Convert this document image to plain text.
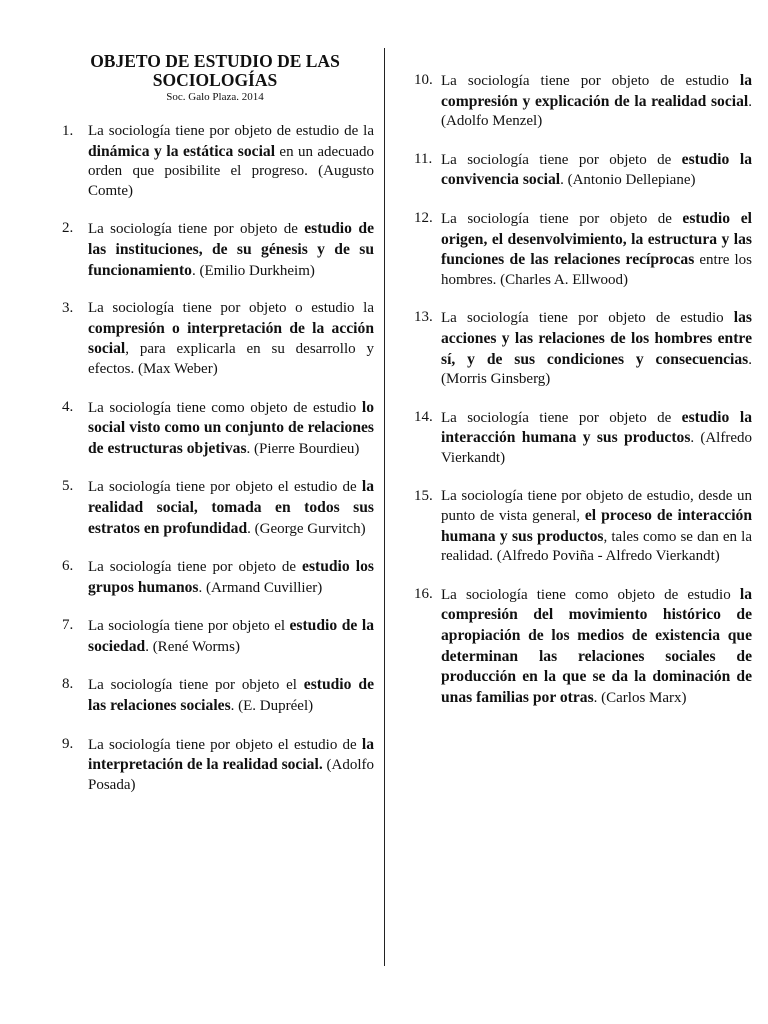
OBJETO DE ESTUDIO DE LAS
SOCIOLOGÍAS
Soc. Galo Plaza. 2014
1. La sociología tiene por objeto de estudio de la dinámica y la estática social en un adecuado orden que posibilite el progreso. (Augusto Comte)
2. La sociología tiene por objeto de estudio de las instituciones, de su génesis y de su funcionamiento. (Emilio Durkheim)
3. La sociología tiene por objeto o estudio la compresión o interpretación de la acción social, para explicarla en su desarrollo y efectos. (Max Weber)
4. La sociología tiene como objeto de estudio lo social visto como un conjunto de relaciones de estructuras objetivas. (Pierre Bourdieu)
5. La sociología tiene por objeto el estudio de la realidad social, tomada en todos sus estratos en profundidad. (George Gurvitch)
6. La sociología tiene por objeto de estudio los grupos humanos. (Armand Cuvillier)
7. La sociología tiene por objeto el estudio de la sociedad. (René Worms)
8. La sociología tiene por objeto el estudio de las relaciones sociales. (E. Dupréel)
9. La sociología tiene por objeto el estudio de la interpretación de la realidad social. (Adolfo Posada)
10. La sociología tiene por objeto de estudio la compresión y explicación de la realidad social. (Adolfo Menzel)
11. La sociología tiene por objeto de estudio la convivencia social. (Antonio Dellepiane)
12. La sociología tiene por objeto de estudio el origen, el desenvolvimiento, la estructura y las funciones de las relaciones recíprocas entre los hombres. (Charles A. Ellwood)
13. La sociología tiene por objeto de estudio las acciones y las relaciones de los hombres entre sí, y de sus condiciones y consecuencias. (Morris Ginsberg)
14. La sociología tiene por objeto de estudio la interacción humana y sus productos. (Alfredo Vierkandt)
15. La sociología tiene por objeto de estudio, desde un punto de vista general, el proceso de interacción humana y sus productos, tales como se dan en la realidad. (Alfredo Poviña - Alfredo Vierkandt)
16. La sociología tiene como objeto de estudio la compresión del movimiento histórico de apropiación de los medios de existencia que determinan las relaciones sociales de producción en la que se da la dominación de unas familias por otras. (Carlos Marx)
